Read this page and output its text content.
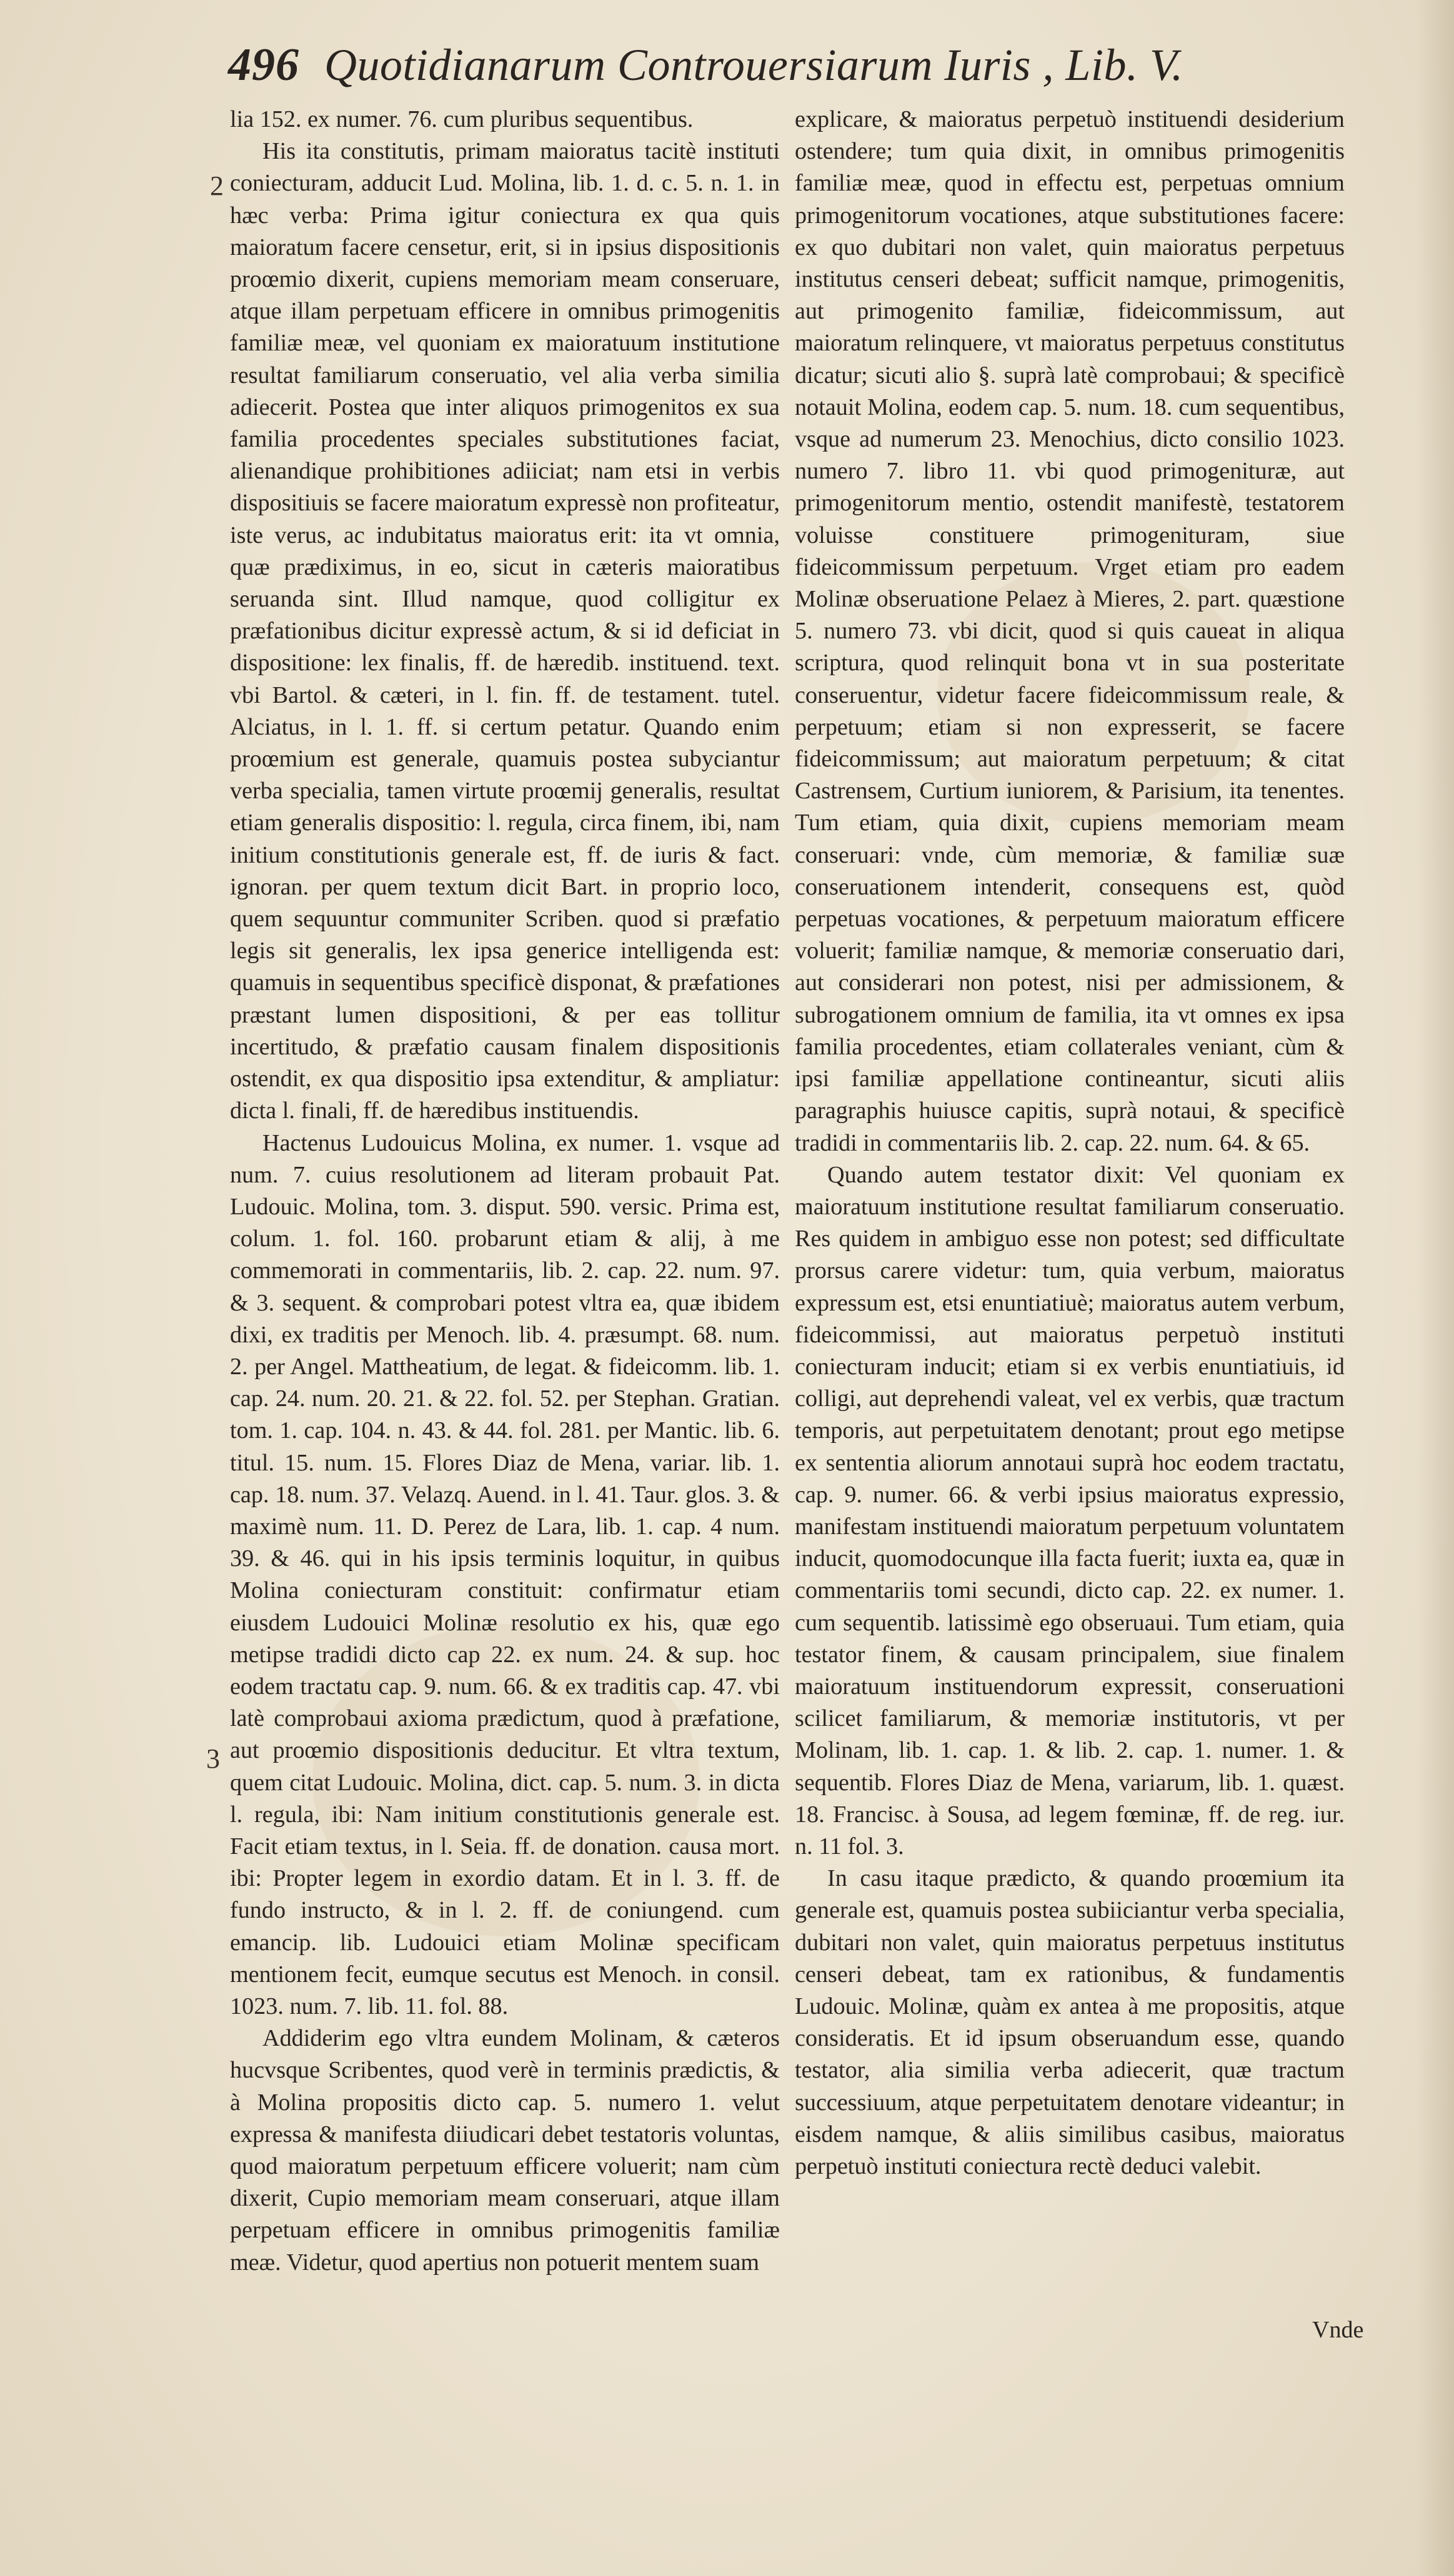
496 Quotidianarum Controuersiarum Iuris , Lib. V.
2
3

lia 152. ex numer. 76. cum pluribus sequentibus.

His ita constitutis, primam maioratus tacitè instituti coniecturam, adducit Lud. Molina, lib. 1. d. c. 5. n. 1. in hæc verba: Prima igitur coniectura ex qua quis maioratum facere censetur, erit, si in ipsius dispositionis proœmio dixerit, cupiens memoriam meam conseruare, atque illam perpetuam efficere in omnibus primogenitis familiæ meæ, vel quoniam ex maioratuum institutione resultat familiarum conseruatio, vel alia verba similia adiecerit. Postea que inter aliquos primogenitos ex sua familia procedentes speciales substitutiones faciat, alienandique prohibitiones adiiciat; nam etsi in verbis dispositiuis se facere maioratum expressè non profiteatur, iste verus, ac indubitatus maioratus erit: ita vt omnia, quæ prædiximus, in eo, sicut in cæteris maioratibus seruanda sint. Illud namque, quod colligitur ex præfationibus dicitur expressè actum, & si id deficiat in dispositione: lex finalis, ff. de hæredib. instituend. text. vbi Bartol. & cæteri, in l. fin. ff. de testament. tutel. Alciatus, in l. 1. ff. si certum petatur. Quando enim proœmium est generale, quamuis postea subyciantur verba specialia, tamen virtute proœmij generalis, resultat etiam generalis dispositio: l. regula, circa finem, ibi, nam initium constitutionis generale est, ff. de iuris & fact. ignoran. per quem textum dicit Bart. in proprio loco, quem sequuntur communiter Scriben. quod si præfatio legis sit generalis, lex ipsa generice intelligenda est: quamuis in sequentibus specificè disponat, & præfationes præstant lumen dispositioni, & per eas tollitur incertitudo, & præfatio causam finalem dispositionis ostendit, ex qua dispositio ipsa extenditur, & ampliatur: dicta l. finali, ff. de hæredibus instituendis.

Hactenus Ludouicus Molina, ex numer. 1. vsque ad num. 7. cuius resolutionem ad literam probauit Pat. Ludouic. Molina, tom. 3. disput. 590. versic. Prima est, colum. 1. fol. 160. probarunt etiam & alij, à me commemorati in commentariis, lib. 2. cap. 22. num. 97. & 3. sequent. & comprobari potest vltra ea, quæ ibidem dixi, ex traditis per Menoch. lib. 4. præsumpt. 68. num. 2. per Angel. Mattheatium, de legat. & fideicomm. lib. 1. cap. 24. num. 20. 21. & 22. fol. 52. per Stephan. Gratian. tom. 1. cap. 104. n. 43. & 44. fol. 281. per Mantic. lib. 6. titul. 15. num. 15. Flores Diaz de Mena, variar. lib. 1. cap. 18. num. 37. Velazq. Auend. in l. 41. Taur. glos. 3. & maximè num. 11. D. Perez de Lara, lib. 1. cap. 4 num. 39. & 46. qui in his ipsis terminis loquitur, in quibus Molina coniecturam constituit: confirmatur etiam eiusdem Ludouici Molinæ resolutio ex his, quæ ego metipse tradidi dicto cap 22. ex num. 24. & sup. hoc eodem tractatu cap. 9. num. 66. & ex traditis cap. 47. vbi latè comprobaui axioma prædictum, quod à præfatione, aut proœmio dispositionis deducitur. Et vltra textum, quem citat Ludouic. Molina, dict. cap. 5. num. 3. in dicta l. regula, ibi: Nam initium constitutionis generale est. Facit etiam textus, in l. Seia. ff. de donation. causa mort. ibi: Propter legem in exordio datam. Et in l. 3. ff. de fundo instructo, & in l. 2. ff. de coniungend. cum emancip. lib. Ludouici etiam Molinæ specificam mentionem fecit, eumque secutus est Menoch. in consil. 1023. num. 7. lib. 11. fol. 88.

Addiderim ego vltra eundem Molinam, & cæteros hucvsque Scribentes, quod verè in terminis prædictis, & à Molina propositis dicto cap. 5. numero 1. velut expressa & manifesta diiudicari debet testatoris voluntas, quod maioratum perpetuum efficere voluerit; nam cùm dixerit, Cupio memoriam meam conseruari, atque illam perpetuam efficere in omnibus primogenitis familiæ meæ. Videtur, quod apertius non potuerit mentem suam

explicare, & maioratus perpetuò instituendi desiderium ostendere; tum quia dixit, in omnibus primogenitis familiæ meæ, quod in effectu est, perpetuas omnium primogenitorum vocationes, atque substitutiones facere: ex quo dubitari non valet, quin maioratus perpetuus institutus censeri debeat; sufficit namque, primogenitis, aut primogenito familiæ, fideicommissum, aut maioratum relinquere, vt maioratus perpetuus constitutus dicatur; sicuti alio §. suprà latè comprobaui; & specificè notauit Molina, eodem cap. 5. num. 18. cum sequentibus, vsque ad numerum 23. Menochius, dicto consilio 1023. numero 7. libro 11. vbi quod primogenituræ, aut primogenitorum mentio, ostendit manifestè, testatorem voluisse constituere primogenituram, siue fideicommissum perpetuum. Vrget etiam pro eadem Molinæ obseruatione Pelaez à Mieres, 2. part. quæstione 5. numero 73. vbi dicit, quod si quis caueat in aliqua scriptura, quod relinquit bona vt in sua posteritate conseruentur, videtur facere fideicommissum reale, & perpetuum; etiam si non expresserit, se facere fideicommissum; aut maioratum perpetuum; & citat Castrensem, Curtium iuniorem, & Parisium, ita tenentes. Tum etiam, quia dixit, cupiens memoriam meam conseruari: vnde, cùm memoriæ, & familiæ suæ conseruationem intenderit, consequens est, quòd perpetuas vocationes, & perpetuum maioratum efficere voluerit; familiæ namque, & memoriæ conseruatio dari, aut considerari non potest, nisi per admissionem, & subrogationem omnium de familia, ita vt omnes ex ipsa familia procedentes, etiam collaterales veniant, cùm & ipsi familiæ appellatione contineantur, sicuti aliis paragraphis huiusce capitis, suprà notaui, & specificè tradidi in commentariis lib. 2. cap. 22. num. 64. & 65.

Quando autem testator dixit: Vel quoniam ex maioratuum institutione resultat familiarum conseruatio. Res quidem in ambiguo esse non potest; sed difficultate prorsus carere videtur: tum, quia verbum, maioratus expressum est, etsi enuntiatiuè; maioratus autem verbum, fideicommissi, aut maioratus perpetuò instituti coniecturam inducit; etiam si ex verbis enuntiatiuis, id colligi, aut deprehendi valeat, vel ex verbis, quæ tractum temporis, aut perpetuitatem denotant; prout ego metipse ex sententia aliorum annotaui suprà hoc eodem tractatu, cap. 9. numer. 66. & verbi ipsius maioratus expressio, manifestam instituendi maioratum perpetuum voluntatem inducit, quomodocunque illa facta fuerit; iuxta ea, quæ in commentariis tomi secundi, dicto cap. 22. ex numer. 1. cum sequentib. latissimè ego obseruaui. Tum etiam, quia testator finem, & causam principalem, siue finalem maioratuum instituendorum expressit, conseruationi scilicet familiarum, & memoriæ institutoris, vt per Molinam, lib. 1. cap. 1. & lib. 2. cap. 1. numer. 1. & sequentib. Flores Diaz de Mena, variarum, lib. 1. quæst. 18. Francisc. à Sousa, ad legem fœminæ, ff. de reg. iur. n. 11 fol. 3.

In casu itaque prædicto, & quando proœmium ita generale est, quamuis postea subiiciantur verba specialia, dubitari non valet, quin maioratus perpetuus institutus censeri debeat, tam ex rationibus, & fundamentis Ludouic. Molinæ, quàm ex antea à me propositis, atque consideratis. Et id ipsum obseruandum esse, quando testator, alia similia verba adiecerit, quæ tractum successiuum, atque perpetuitatem denotare videantur; in eisdem namque, & aliis similibus casibus, maioratus perpetuò instituti coniectura rectè deduci valebit.

Vnde
